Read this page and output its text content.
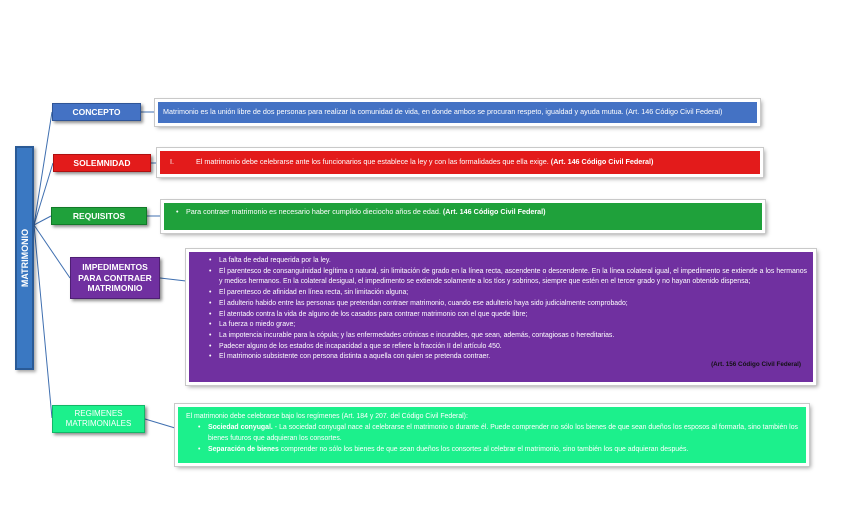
MATRIMONIO
CONCEPTO	Matrimonio es la unión libre de dos personas para realizar la comunidad de vida, en donde ambos se procuran respeto, igualdad y ayuda mutua. (Art. 146 Código Civil Federal)
SOLEMNIDAD	I.	El matrimonio debe celebrarse ante los funcionarios que establece la ley y con las formalidades que ella exige. (Art. 146 Código Civil Federal)
REQUISITOS
•	Para contraer matrimonio es necesario haber cumplido dieciocho años de edad. (Art. 146 Código Civil Federal)
IMPEDIMENTOS PARA CONTRAER MATRIMONIO
• La falta de edad requerida por la ley.
• El parentesco de consanguinidad legítima o natural, sin limitación de grado en la línea recta, ascendente o descendente. En la línea colateral igual, el impedimento se extiende a los hermanos y medios hermanos. En la colateral desigual, el impedimento se extiende solamente a los tíos y sobrinos, siempre que estén en el tercer grado y no hayan obtenido dispensa;
• El parentesco de afinidad en línea recta, sin limitación alguna;
• El adulterio habido entre las personas que pretendan contraer matrimonio, cuando ese adulterio haya sido judicialmente comprobado;
• El atentado contra la vida de alguno de los casados para contraer matrimonio con el que quede libre;
• La fuerza o miedo grave;
• La impotencia incurable para la cópula; y las enfermedades crónicas e incurables, que sean, además, contagiosas o hereditarias.
• Padecer alguno de los estados de incapacidad a que se refiere la fracción II del artículo 450.
• El matrimonio subsistente con persona distinta a aquella con quien se pretenda contraer.
(Art. 156 Código Civil Federal)
REGIMENES MATRIMONIALES
El matrimonio debe celebrarse bajo los regímenes (Art. 184 y 207. del Código Civil Federal):
• Sociedad conyugal. - La sociedad conyugal nace al celebrarse el matrimonio o durante él. Puede comprender no sólo los bienes de que sean dueños los esposos al formarla, sino también los bienes futuros que adquieran los consortes.
• Separación de bienes comprender no sólo los bienes de que sean dueños los consortes al celebrar el matrimonio, sino también los que adquieran después.
